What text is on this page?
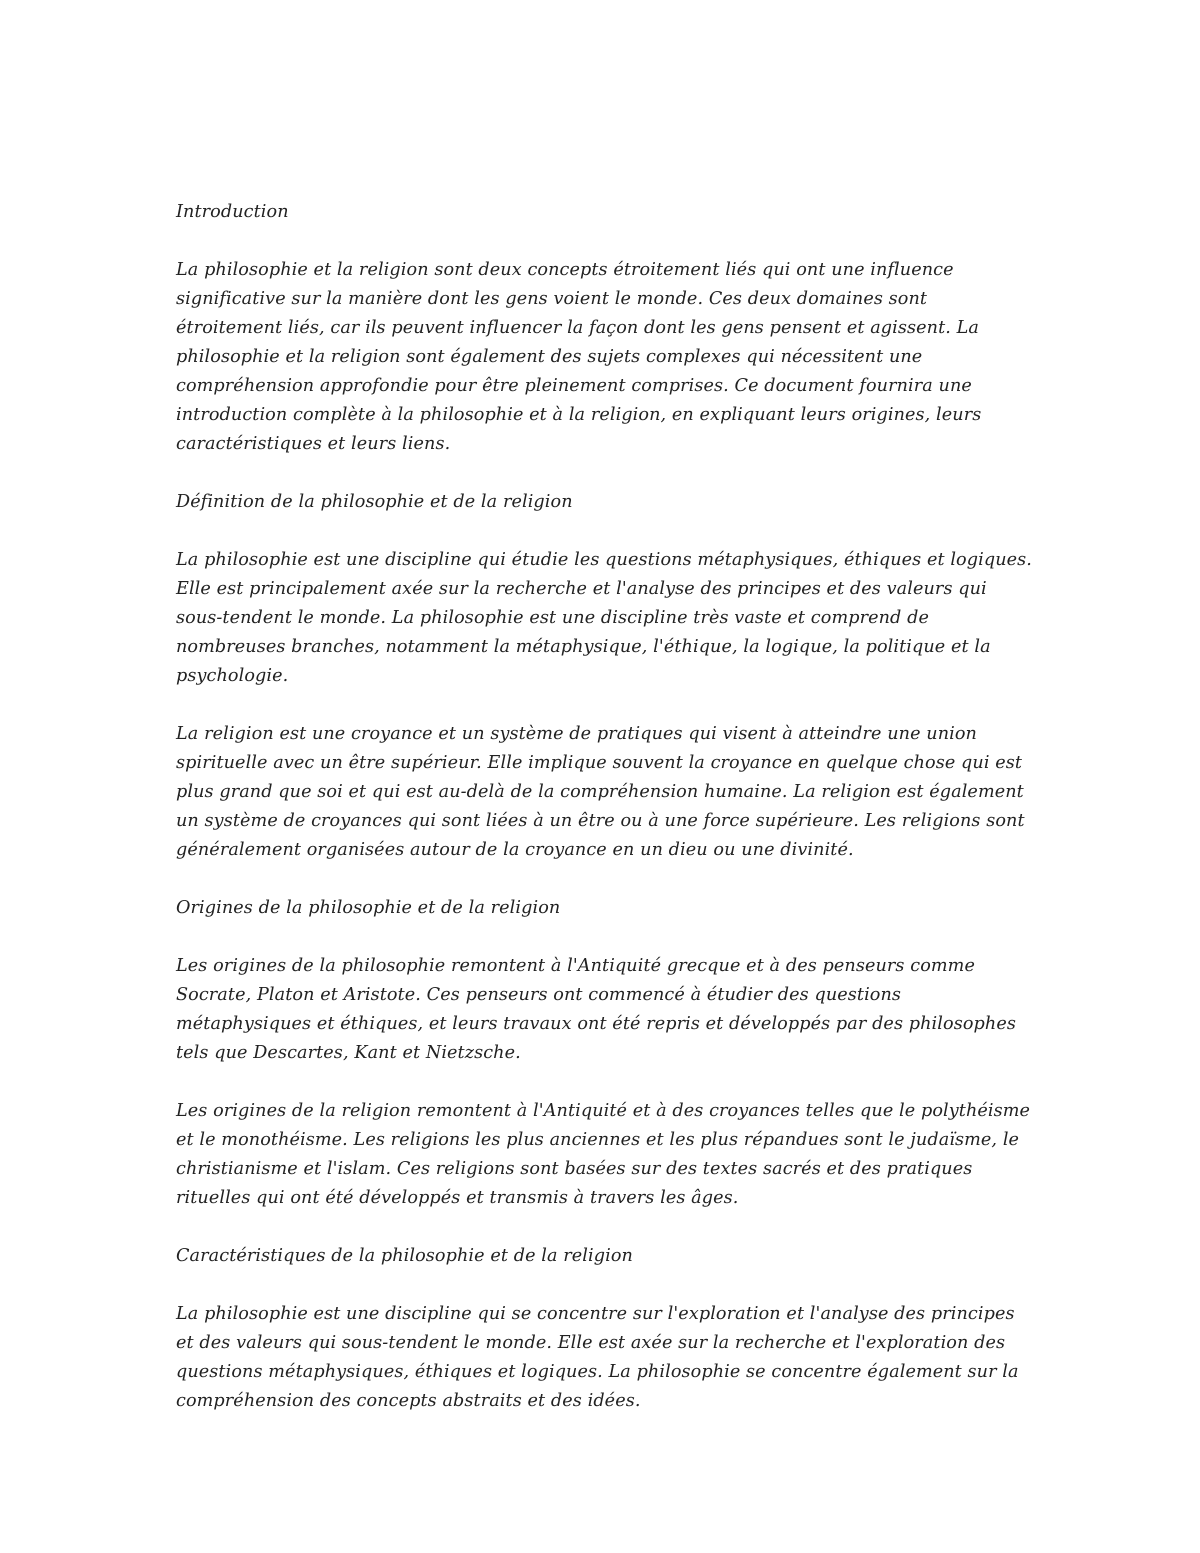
Introduction

La philosophie et la religion sont deux concepts étroitement liés qui ont une influence significative sur la manière dont les gens voient le monde. Ces deux domaines sont étroitement liés, car ils peuvent influencer la façon dont les gens pensent et agissent. La philosophie et la religion sont également des sujets complexes qui nécessitent une compréhension approfondie pour être pleinement comprises. Ce document fournira une introduction complète à la philosophie et à la religion, en expliquant leurs origines, leurs caractéristiques et leurs liens.

Définition de la philosophie et de la religion

La philosophie est une discipline qui étudie les questions métaphysiques, éthiques et logiques. Elle est principalement axée sur la recherche et l'analyse des principes et des valeurs qui sous-tendent le monde. La philosophie est une discipline très vaste et comprend de nombreuses branches, notamment la métaphysique, l'éthique, la logique, la politique et la psychologie.

La religion est une croyance et un système de pratiques qui visent à atteindre une union spirituelle avec un être supérieur. Elle implique souvent la croyance en quelque chose qui est plus grand que soi et qui est au-delà de la compréhension humaine. La religion est également un système de croyances qui sont liées à un être ou à une force supérieure. Les religions sont généralement organisées autour de la croyance en un dieu ou une divinité.

Origines de la philosophie et de la religion

Les origines de la philosophie remontent à l'Antiquité grecque et à des penseurs comme Socrate, Platon et Aristote. Ces penseurs ont commencé à étudier des questions métaphysiques et éthiques, et leurs travaux ont été repris et développés par des philosophes tels que Descartes, Kant et Nietzsche.

Les origines de la religion remontent à l'Antiquité et à des croyances telles que le polythéisme et le monothéisme. Les religions les plus anciennes et les plus répandues sont le judaïsme, le christianisme et l'islam. Ces religions sont basées sur des textes sacrés et des pratiques rituelles qui ont été développés et transmis à travers les âges.

Caractéristiques de la philosophie et de la religion

La philosophie est une discipline qui se concentre sur l'exploration et l'analyse des principes et des valeurs qui sous-tendent le monde. Elle est axée sur la recherche et l'exploration des questions métaphysiques, éthiques et logiques. La philosophie se concentre également sur la compréhension des concepts abstraits et des idées.
